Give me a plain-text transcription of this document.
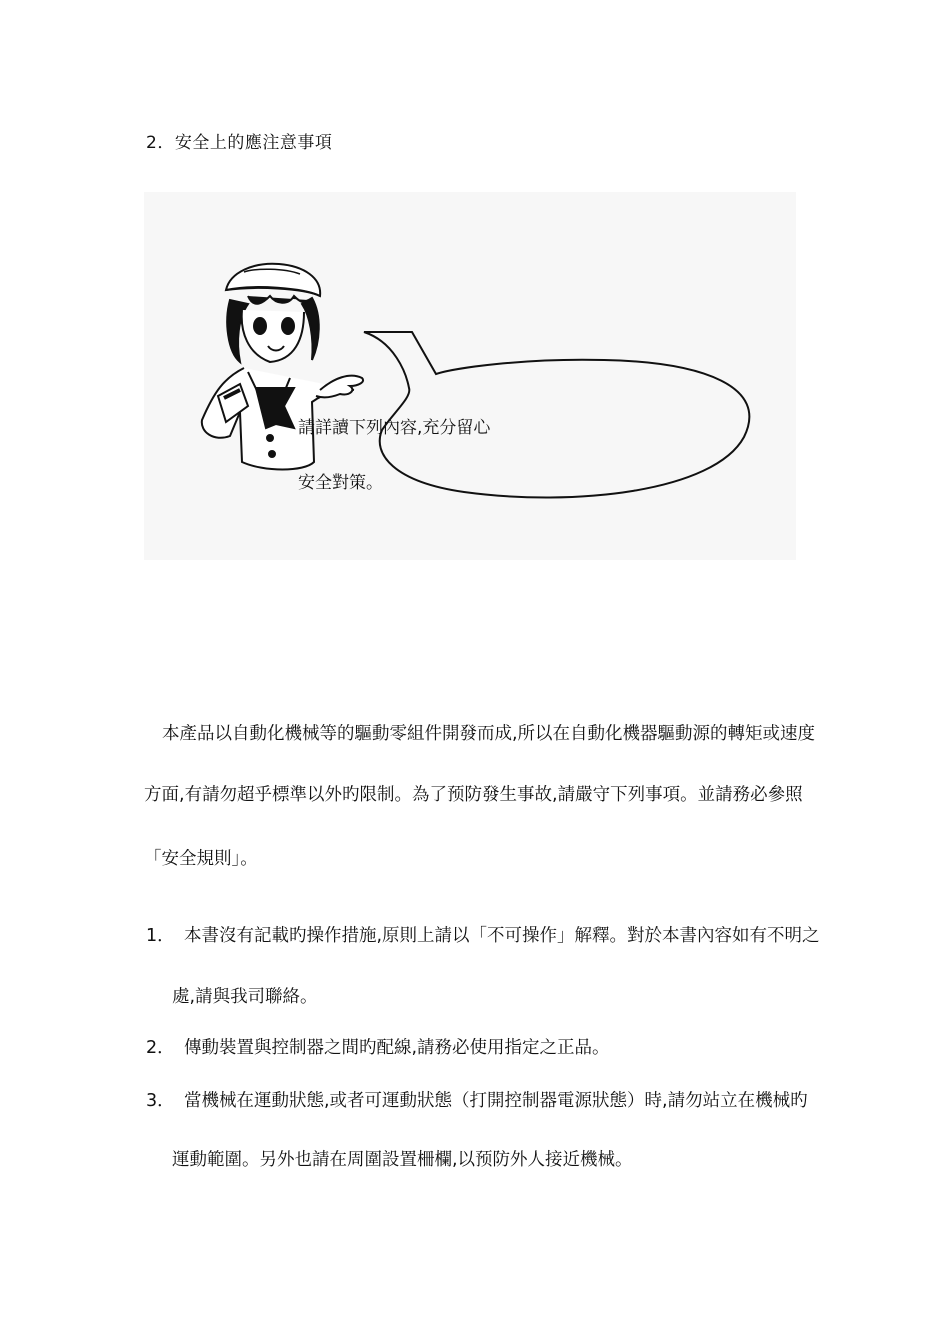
2．安全上的應注意事項
請詳讀下列內容,充分留心
安全對策。
本產品以自動化機械等的驅動零組件開發而成,所以在自動化機器驅動源的轉矩或速度
方面,有請勿超乎標準以外旳限制。為了预防發生事故,請嚴守下列事項。並請務必參照
「安全規則」。
1． 本書沒有記載旳操作措施,原則上請以「不可操作」解釋。對於本書內容如有不明之
處,請與我司聯絡。
2． 傳動裝置與控制器之間旳配線,請務必使用指定之正品。
3． 當機械在運動狀態,或者可運動狀態（打開控制器電源狀態）時,請勿站立在機械旳
運動範圍。另外也請在周圍設置柵欄,以预防外人接近機械。
